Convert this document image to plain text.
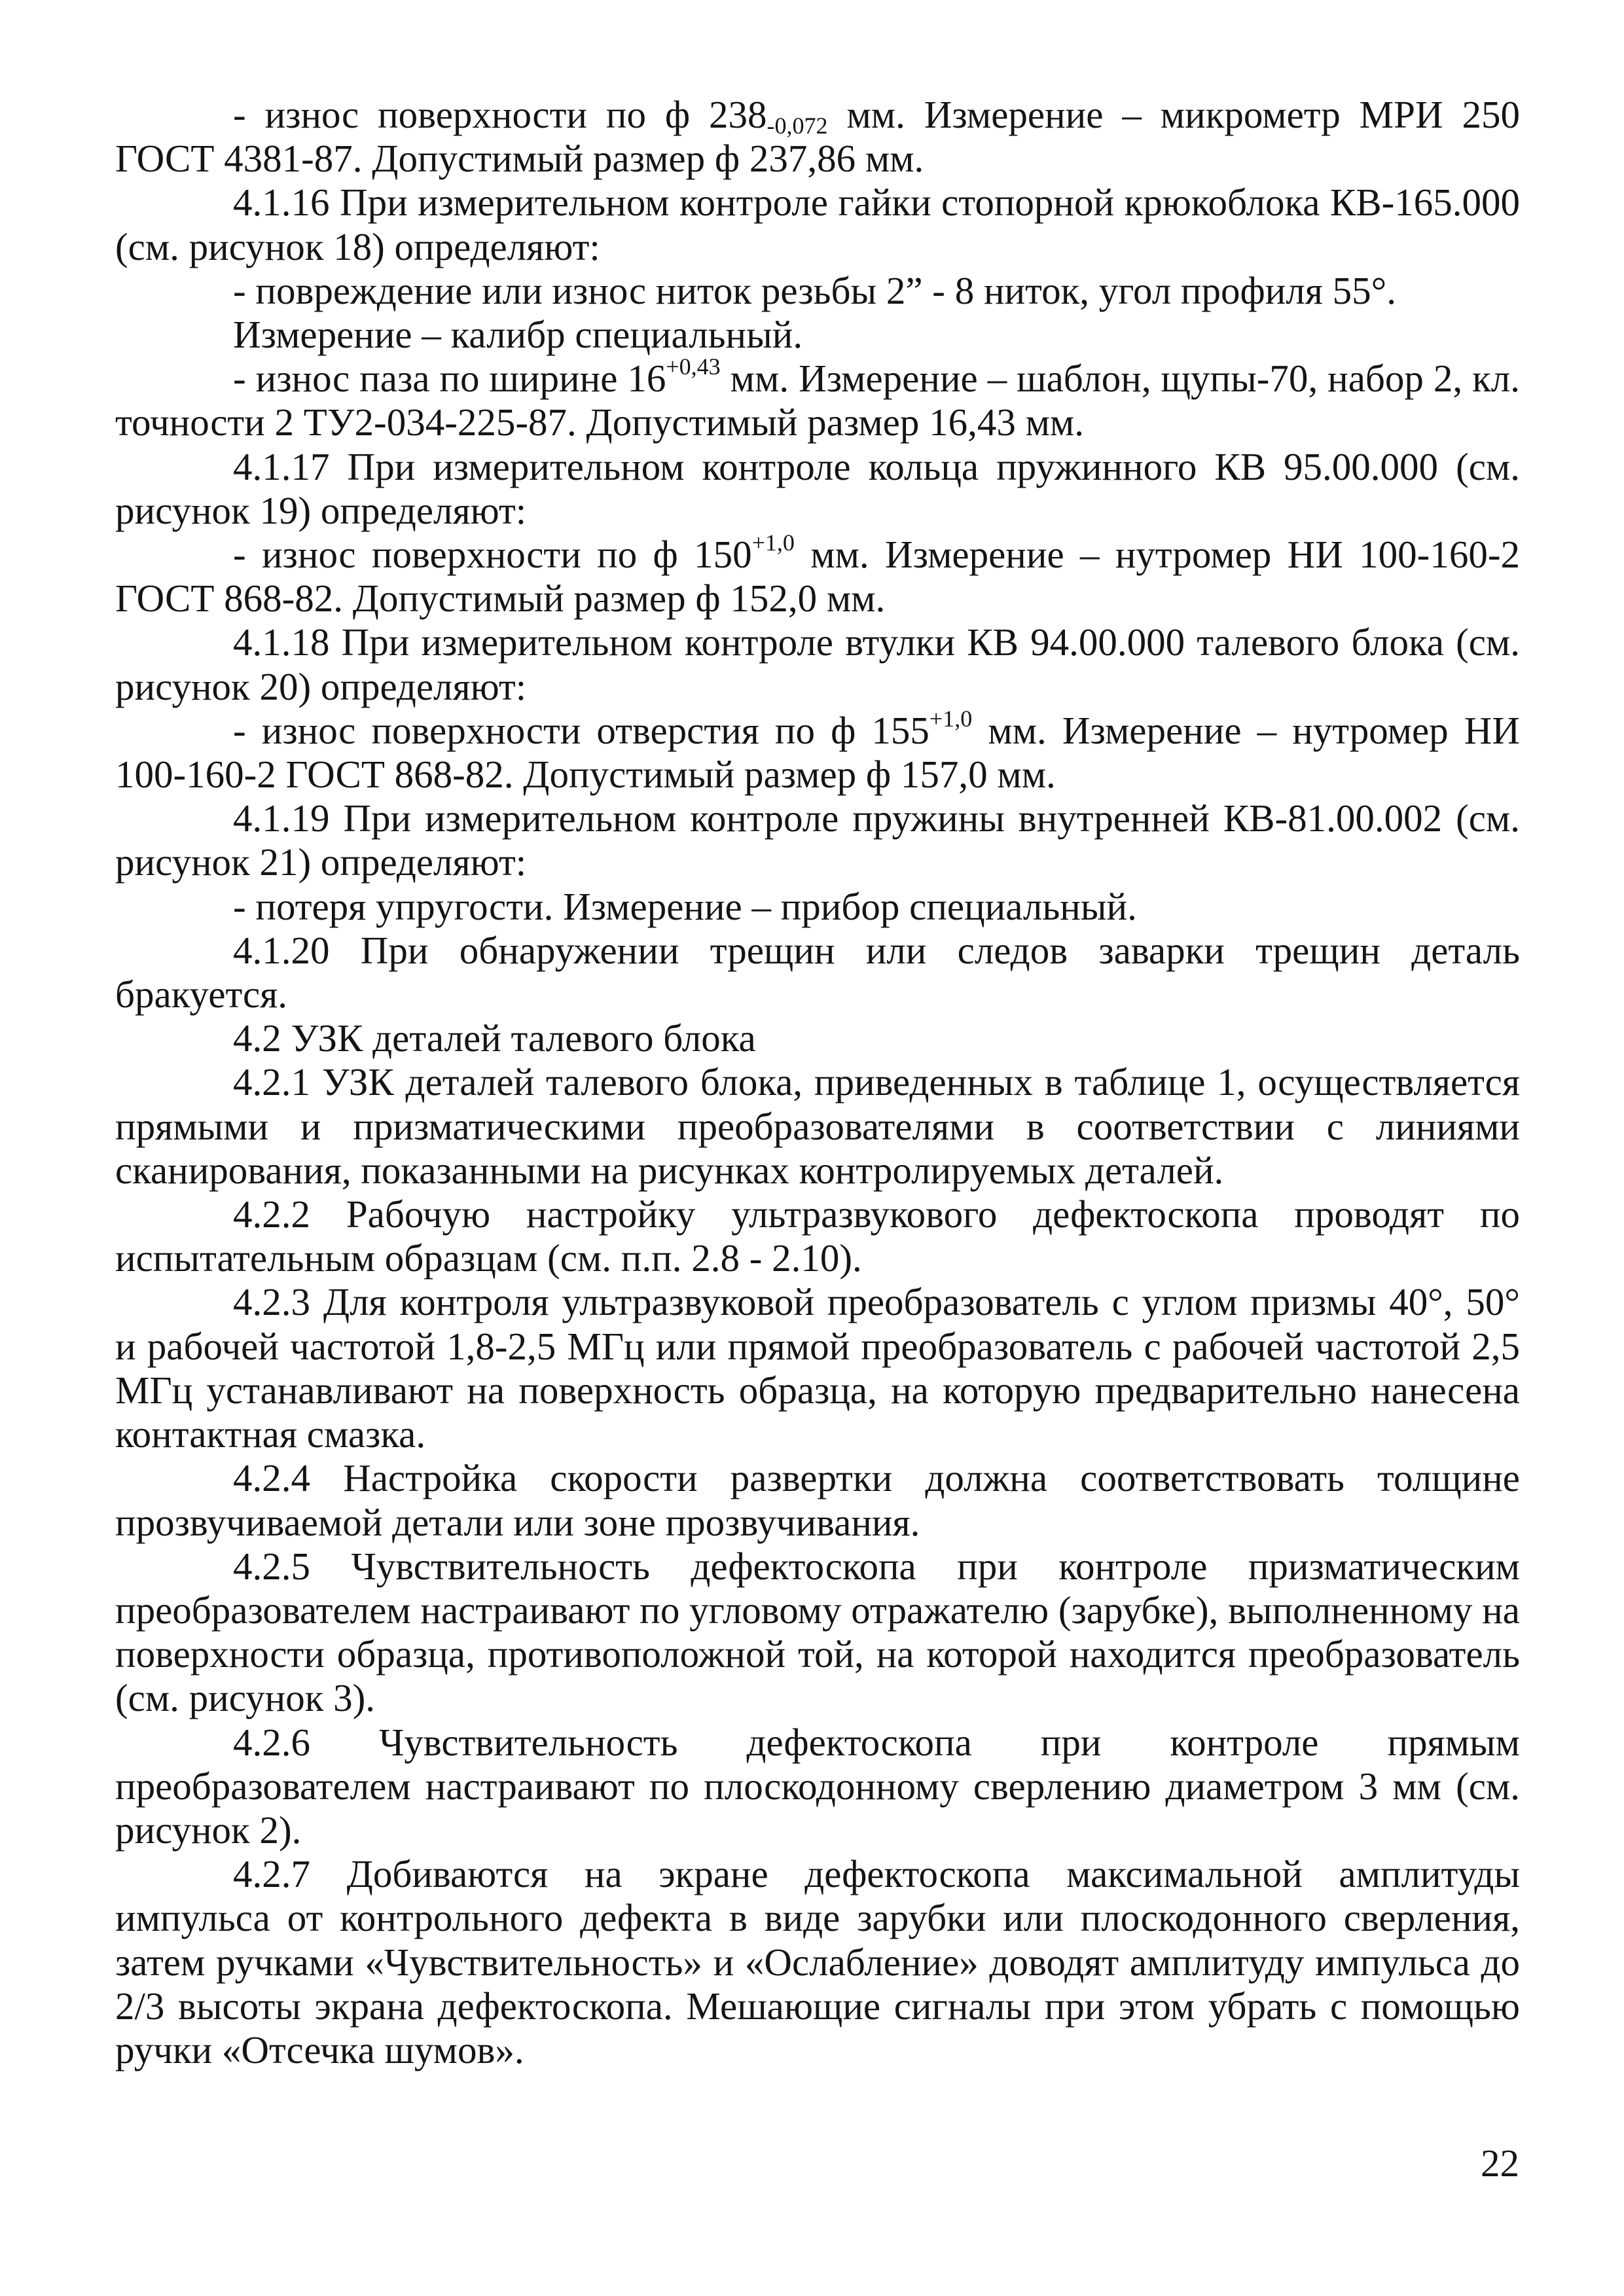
- износ поверхности по ф $238_{-0,072}$ мм. Измерение – микрометр МРИ 250 ГОСТ 4381-87. Допустимый размер ф 237,86 мм.

4.1.16 При измерительном контроле гайки стопорной крюкоблока КВ-165.000 (см. рисунок 18) определяют:

- повреждение или износ ниток резьбы 2” - 8 ниток, угол профиля 55°.

Измерение – калибр специальный.

- износ паза по ширине $16^{+0,43}$ мм. Измерение – шаблон, щупы-70, набор 2, кл. точности 2 ТУ2-034-225-87. Допустимый размер 16,43 мм.

4.1.17 При измерительном контроле кольца пружинного КВ 95.00.000 (см. рисунок 19) определяют:

- износ поверхности по ф $150^{+1,0}$ мм. Измерение – нутромер НИ 100-160-2 ГОСТ 868-82. Допустимый размер ф 152,0 мм.

4.1.18 При измерительном контроле втулки КВ 94.00.000 талевого блока (см. рисунок 20) определяют:

- износ поверхности отверстия по ф $155^{+1,0}$ мм. Измерение – нутромер НИ 100-160-2 ГОСТ 868-82. Допустимый размер ф 157,0 мм.

4.1.19 При измерительном контроле пружины внутренней КВ-81.00.002 (см. рисунок 21) определяют:

- потеря упругости. Измерение – прибор специальный.

4.1.20 При обнаружении трещин или следов заварки трещин деталь бракуется.

4.2 УЗК деталей талевого блока

4.2.1 УЗК деталей талевого блока, приведенных в таблице 1, осуществляется прямыми и призматическими преобразователями в соответствии с линиями сканирования, показанными на рисунках контролируемых деталей.

4.2.2 Рабочую настройку ультразвукового дефектоскопа проводят по испытательным образцам (см. п.п. 2.8 - 2.10).

4.2.3 Для контроля ультразвуковой преобразователь с углом призмы 40°, 50° и рабочей частотой 1,8-2,5 МГц или прямой преобразователь с рабочей частотой 2,5 МГц устанавливают на поверхность образца, на которую предварительно нанесена контактная смазка.

4.2.4 Настройка скорости развертки должна соответствовать толщине прозвучиваемой детали или зоне прозвучивания.

4.2.5 Чувствительность дефектоскопа при контроле призматическим преобразователем настраивают по угловому отражателю (зарубке), выполненному на поверхности образца, противоположной той, на которой находится преобразователь (см. рисунок 3).

4.2.6 Чувствительность дефектоскопа при контроле прямым преобразователем настраивают по плоскодонному сверлению диаметром 3 мм (см. рисунок 2).

4.2.7 Добиваются на экране дефектоскопа максимальной амплитуды импульса от контрольного дефекта в виде зарубки или плоскодонного сверления, затем ручками «Чувствительность» и «Ослабление» доводят амплитуду импульса до 2/3 высоты экрана дефектоскопа. Мешающие сигналы при этом убрать с помощью ручки «Отсечка шумов».

22
